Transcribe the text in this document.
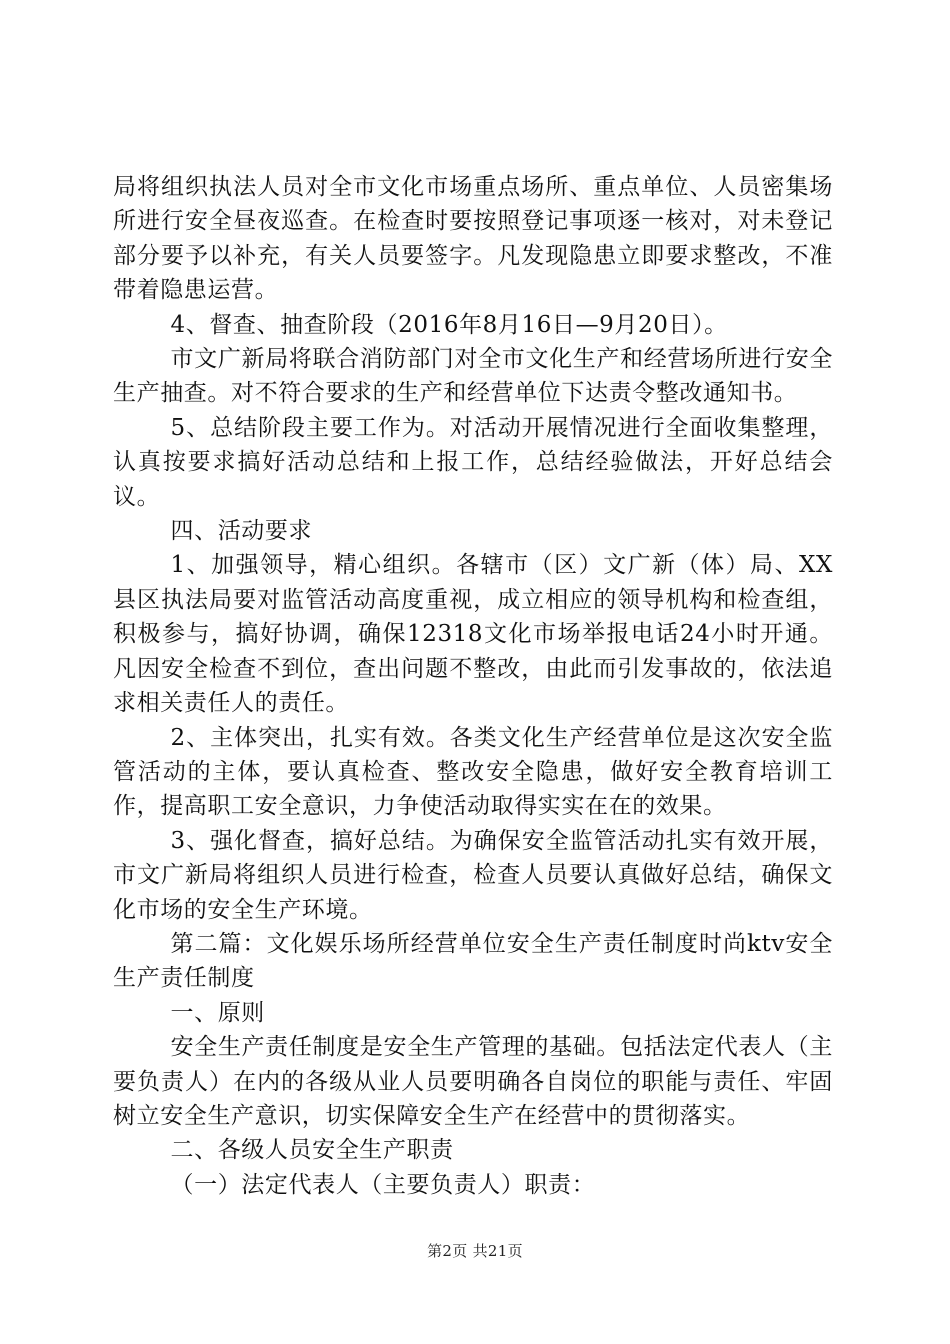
局将组织执法人员对全市文化市场重点场所、重点单位、人员密集场所进行安全昼夜巡查。在检查时要按照登记事项逐一核对，对未登记部分要予以补充，有关人员要签字。凡发现隐患立即要求整改，不准带着隐患运营。

4、督查、抽查阶段（2016年8月16日—9月20日）。

市文广新局将联合消防部门对全市文化生产和经营场所进行安全生产抽查。对不符合要求的生产和经营单位下达责令整改通知书。

5、总结阶段主要工作为。对活动开展情况进行全面收集整理，认真按要求搞好活动总结和上报工作，总结经验做法，开好总结会议。

四、活动要求

1、加强领导，精心组织。各辖市（区）文广新（体）局、XX县区执法局要对监管活动高度重视，成立相应的领导机构和检查组，积极参与，搞好协调，确保12318文化市场举报电话24小时开通。凡因安全检查不到位，查出问题不整改，由此而引发事故的，依法追求相关责任人的责任。

2、主体突出，扎实有效。各类文化生产经营单位是这次安全监管活动的主体，要认真检查、整改安全隐患，做好安全教育培训工作，提高职工安全意识，力争使活动取得实实在在的效果。

3、强化督查，搞好总结。为确保安全监管活动扎实有效开展，市文广新局将组织人员进行检查，检查人员要认真做好总结，确保文化市场的安全生产环境。

第二篇：文化娱乐场所经营单位安全生产责任制度时尚ktv安全生产责任制度

一、原则

安全生产责任制度是安全生产管理的基础。包括法定代表人（主要负责人）在内的各级从业人员要明确各自岗位的职能与责任、牢固树立安全生产意识，切实保障安全生产在经营中的贯彻落实。

二、各级人员安全生产职责

（一）法定代表人（主要负责人）职责：

第2页 共21页
